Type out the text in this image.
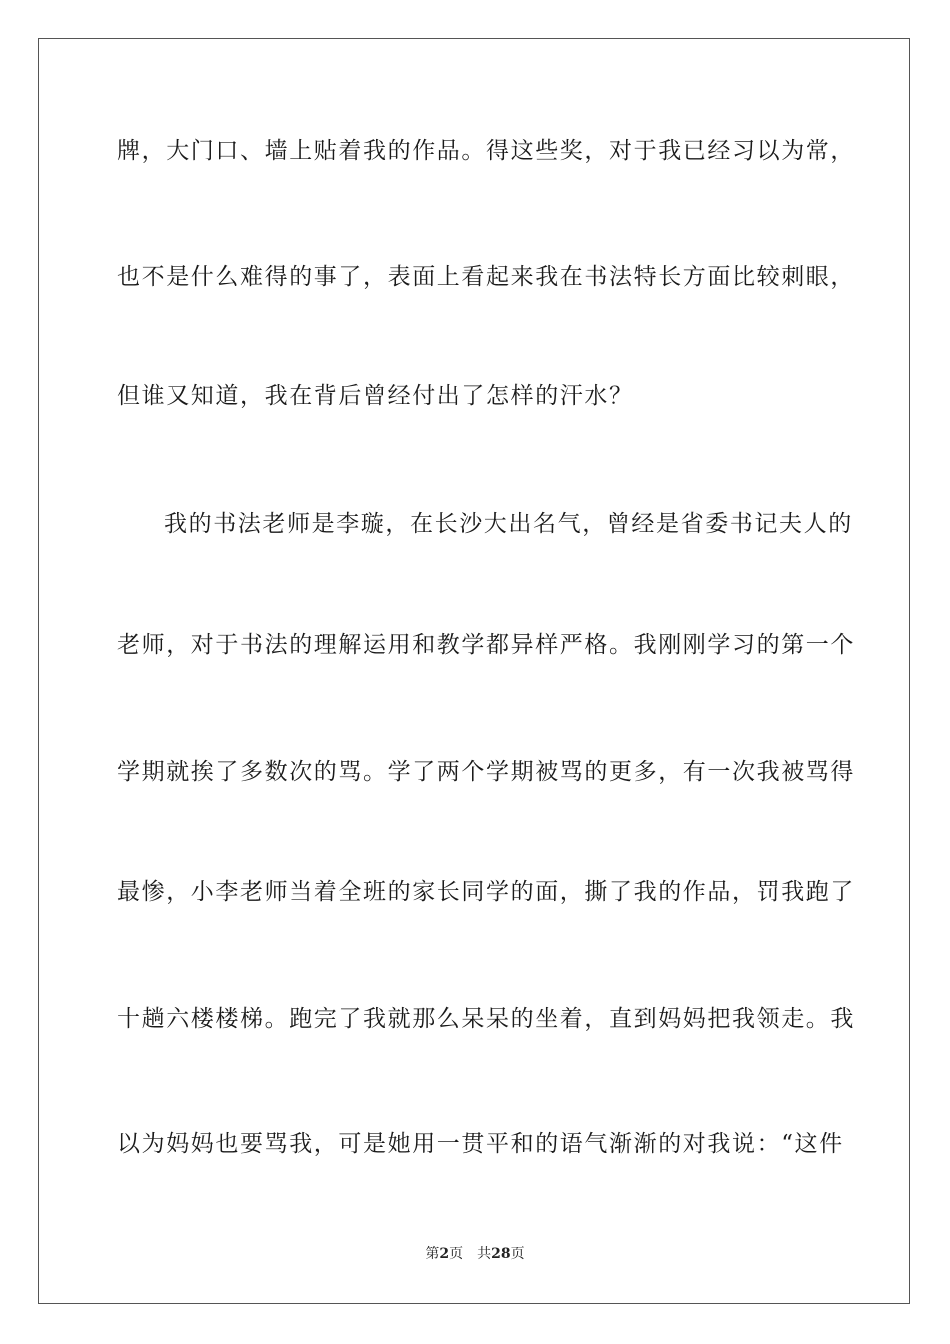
牌，大门口、墙上贴着我的作品。得这些奖，对于我已经习以为常，
也不是什么难得的事了，表面上看起来我在书法特长方面比较刺眼，
但谁又知道，我在背后曾经付出了怎样的汗水？
我的书法老师是李璇，在长沙大出名气，曾经是省委书记夫人的
老师，对于书法的理解运用和教学都异样严格。我刚刚学习的第一个
学期就挨了多数次的骂。学了两个学期被骂的更多，有一次我被骂得
最惨，小李老师当着全班的家长同学的面，撕了我的作品，罚我跑了
十趟六楼楼梯。跑完了我就那么呆呆的坐着，直到妈妈把我领走。我
以为妈妈也要骂我，可是她用一贯平和的语气渐渐的对我说：“这件
第2页 共28页
